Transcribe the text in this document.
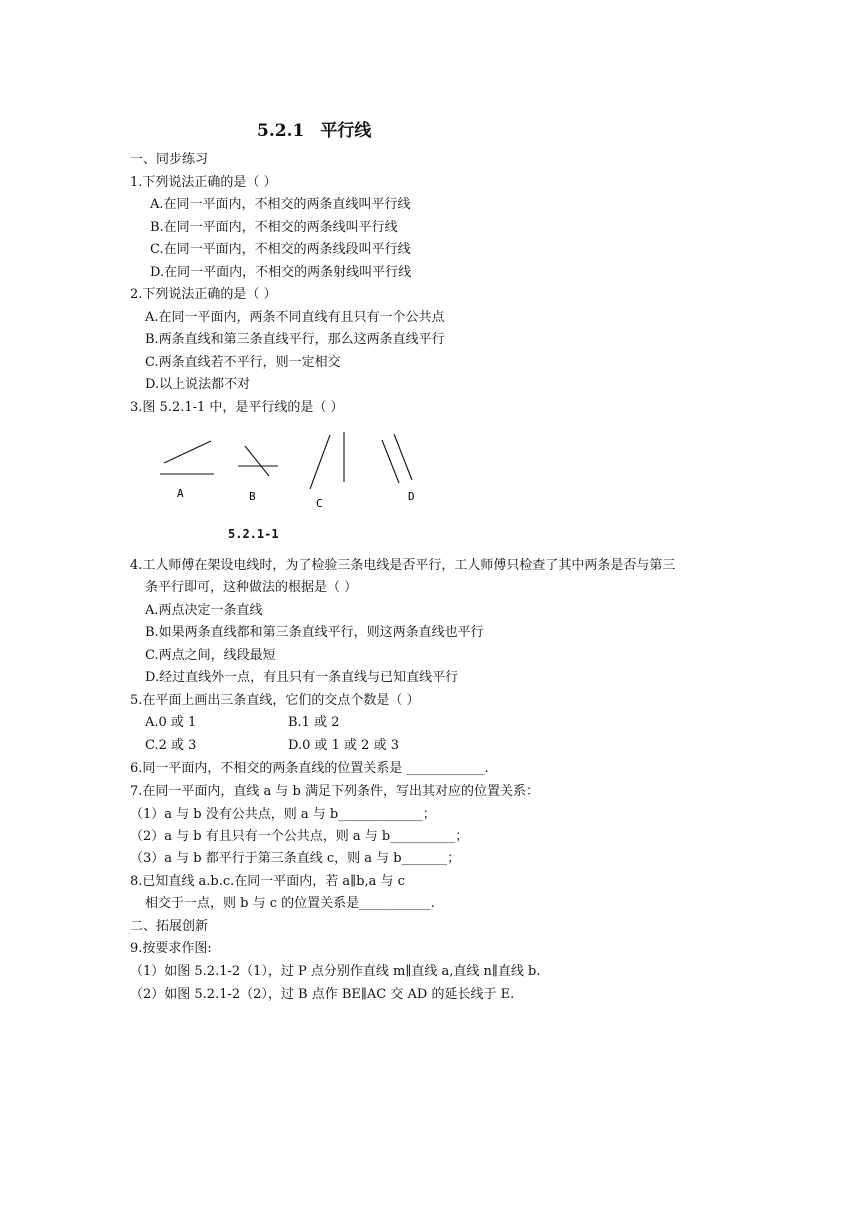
5.2.1 平行线
一、同步练习
1.下列说法正确的是（ ）
A.在同一平面内，不相交的两条直线叫平行线
B.在同一平面内，不相交的两条线叫平行线
C.在同一平面内，不相交的两条线段叫平行线
D.在同一平面内，不相交的两条射线叫平行线
2.下列说法正确的是（ ）
A.在同一平面内，两条不同直线有且只有一个公共点
B.两条直线和第三条直线平行，那么这两条直线平行
C.两条直线若不平行，则一定相交
D.以上说法都不对
3.图 5.2.1-1 中，是平行线的是（ ）
A	B
C
D
5.2.1-1
4.工人师傅在架设电线时，为了检验三条电线是否平行，工人师傅只检查了其中两条是否与第三
条平行即可，这种做法的根据是（ ）
A.两点决定一条直线
B.如果两条直线都和第三条直线平行，则这两条直线也平行
C.两点之间，线段最短
D.经过直线外一点，有且只有一条直线与已知直线平行
5.在平面上画出三条直线，它们的交点个数是（ ）
A.0 或 1	B.1 或 2
C.2 或 3	D.0 或 1 或 2 或 3
6.同一平面内，不相交的两条直线的位置关系是 ____________.
7.在同一平面内，直线 a 与 b 满足下列条件，写出其对应的位置关系：
（1）a 与 b 没有公共点，则 a 与 b_____________；
（2）a 与 b 有且只有一个公共点，则 a 与 b__________；
（3）a 与 b 都平行于第三条直线 c，则 a 与 b_______；
8.已知直线 a.b.c.在同一平面内，若 a∥b,a 与 c
相交于一点，则 b 与 c 的位置关系是___________.
二、拓展创新
9.按要求作图:
（1）如图 5.2.1-2（1），过 P 点分别作直线 m∥直线 a,直线 n∥直线 b.
（2）如图 5.2.1-2（2），过 B 点作 BE∥AC 交 AD 的延长线于 E.
